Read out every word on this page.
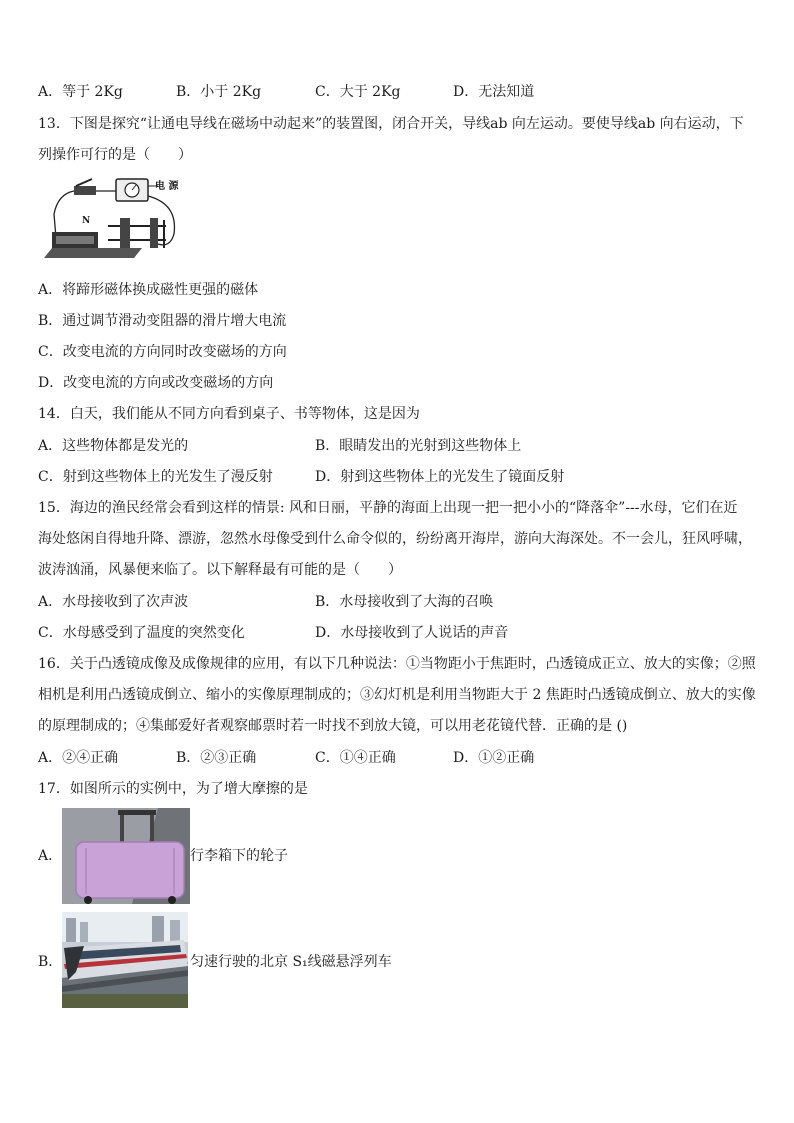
A．等于 2Kg	B．小于 2Kg	C．大于 2Kg	D．无法知道
13．下图是探究“让通电导线在磁场中动起来”的装置图，闭合开关，导线ab 向左运动。要使导线ab 向右运动，下
列操作可行的是（　　）
电 源
N
A．将蹄形磁体换成磁性更强的磁体
B．通过调节滑动变阻器的滑片增大电流
C．改变电流的方向同时改变磁场的方向
D．改变电流的方向或改变磁场的方向
14．白天，我们能从不同方向看到桌子、书等物体，这是因为
A．这些物体都是发光的	B．眼睛发出的光射到这些物体上
C．射到这些物体上的光发生了漫反射	D．射到这些物体上的光发生了镜面反射
15．海边的渔民经常会看到这样的情景: 风和日丽，平静的海面上出现一把一把小小的“降落伞”---水母，它们在近
海处悠闲自得地升降、漂游，忽然水母像受到什么命令似的，纷纷离开海岸，游向大海深处。不一会儿，狂风呼啸，
波涛汹涌，风暴便来临了。以下解释最有可能的是（　　）
A．水母接收到了次声波	B．水母接收到了大海的召唤
C．水母感受到了温度的突然变化	D．水母接收到了人说话的声音
16．关于凸透镜成像及成像规律的应用，有以下几种说法：①当物距小于焦距时，凸透镜成正立、放大的实像；②照
相机是利用凸透镜成倒立、缩小的实像原理制成的；③幻灯机是利用当物距大于 2 焦距时凸透镜成倒立、放大的实像
的原理制成的；④集邮爱好者观察邮票时若一时找不到放大镜，可以用老花镜代替．正确的是 ()
A．②④正确	B．②③正确	C．①④正确	D．①②正确
17．如图所示的实例中，为了增大摩擦的是
A．	行李箱下的轮子
B．	匀速行驶的北京 S₁线磁悬浮列车
